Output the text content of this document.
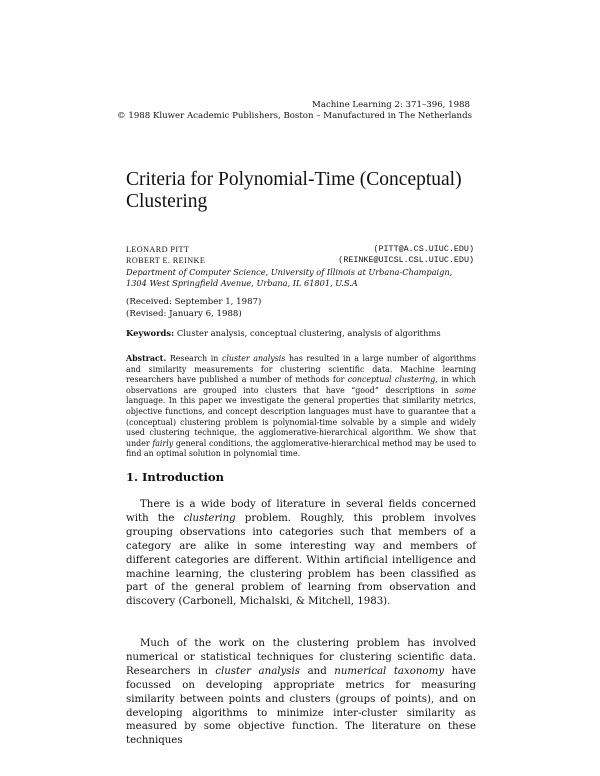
Machine Learning 2: 371–396, 1988
© 1988 Kluwer Academic Publishers, Boston – Manufactured in The Netherlands
Criteria for Polynomial-Time (Conceptual) Clustering
LEONARD PITT	(PITT@A.CS.UIUC.EDU)
ROBERT E. REINKE	(REINKE@UICSL.CSL.UIUC.EDU)
Department of Computer Science, University of Illinois at Urbana-Champaign,
1304 West Springfield Avenue, Urbana, IL 61801, U.S.A
(Received: September 1, 1987)
(Revised: January 6, 1988)
Keywords: Cluster analysis, conceptual clustering, analysis of algorithms
Abstract. Research in cluster analysis has resulted in a large number of algorithms and similarity measurements for clustering scientific data. Machine learning researchers have published a number of methods for conceptual clustering, in which observations are grouped into clusters that have “good” descriptions in some language. In this paper we investigate the general properties that similarity metrics, objective functions, and concept description languages must have to guarantee that a (conceptual) clustering problem is polynomial-time solvable by a simple and widely used clustering technique, the agglomerative-hierarchical algorithm. We show that under fairly general conditions, the agglomerative-hierarchical method may be used to find an optimal solution in polynomial time.
1. Introduction

There is a wide body of literature in several fields concerned with the clustering problem. Roughly, this problem involves grouping observations into categories such that members of a category are alike in some interesting way and members of different categories are different. Within artificial intelligence and machine learning, the clustering problem has been classified as part of the general problem of learning from observation and discovery (Carbonell, Michalski, & Mitchell, 1983).

Much of the work on the clustering problem has involved numerical or statistical techniques for clustering scientific data. Researchers in cluster analysis and numerical taxonomy have focussed on developing appropriate metrics for measuring similarity between points and clusters (groups of points), and on developing algorithms to minimize inter-cluster similarity as measured by some objective function. The literature on these techniques
